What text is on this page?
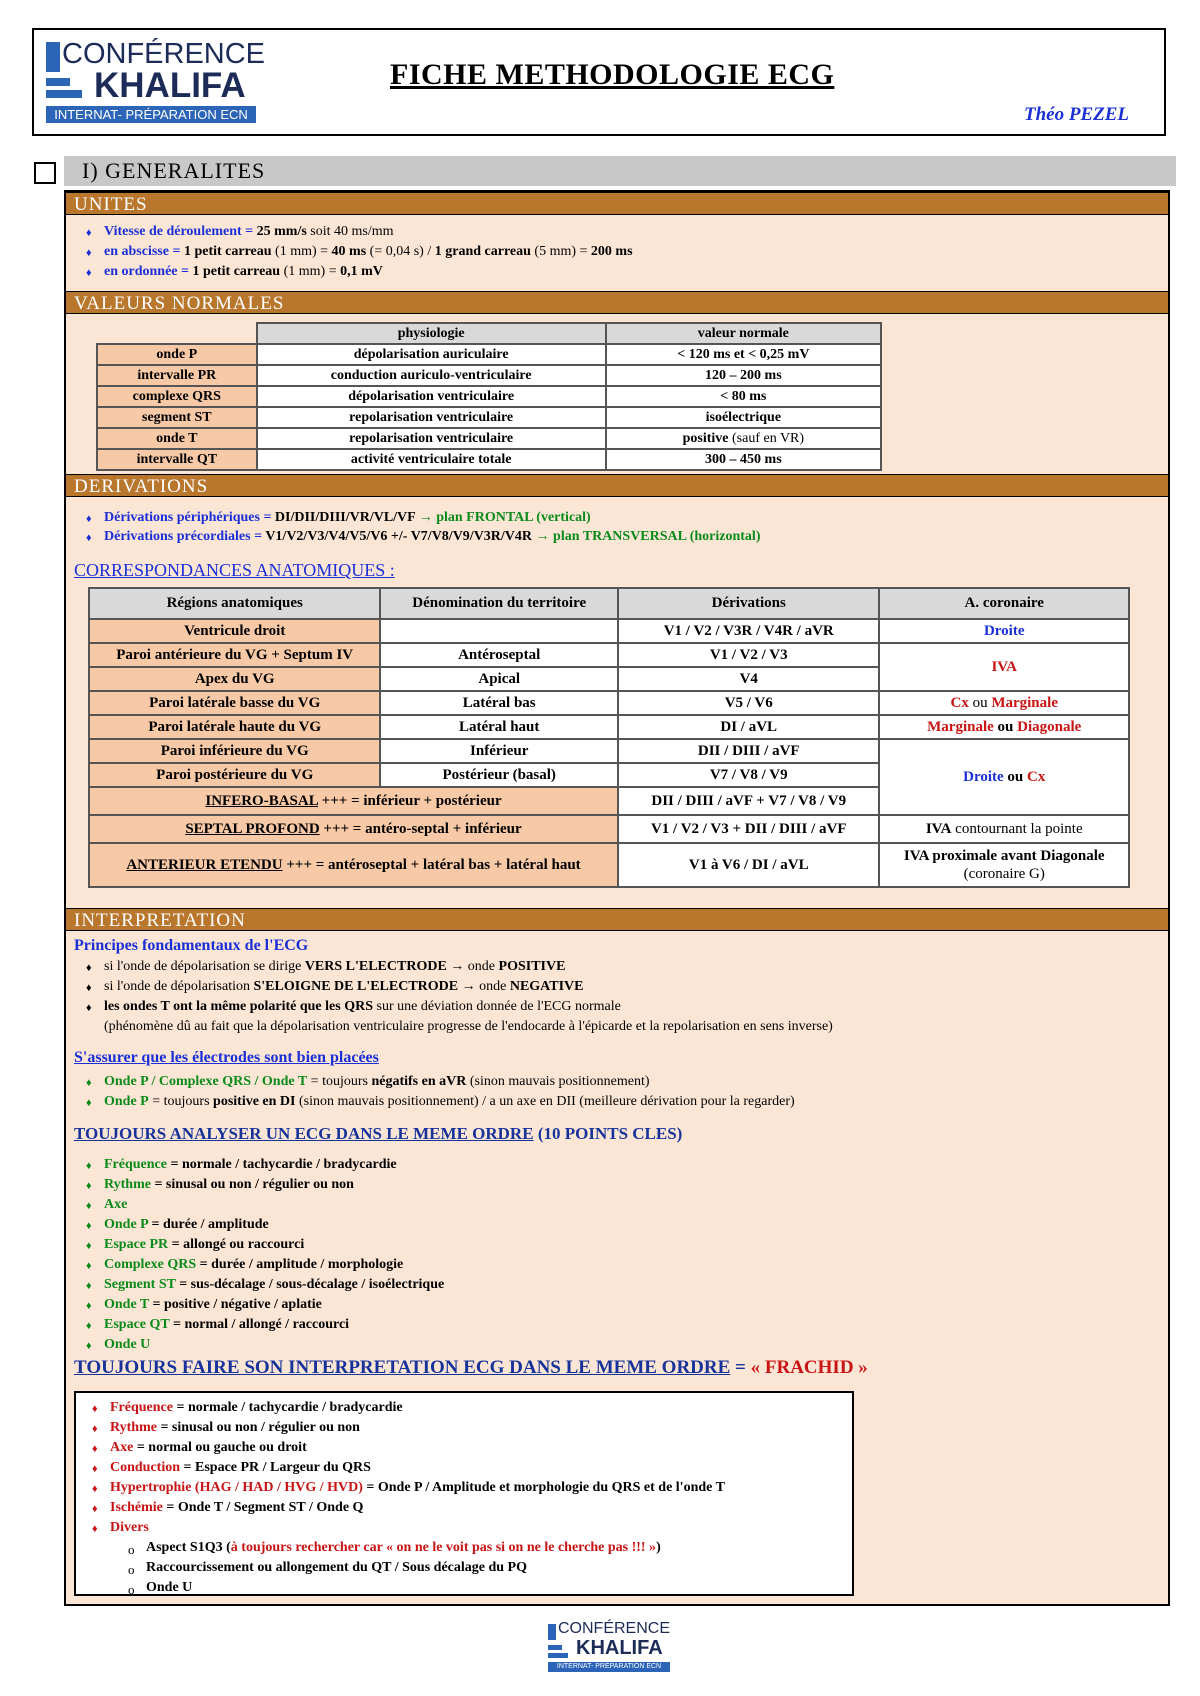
CONFÉRENCE
KHALIFA
INTERNAT- PRÉPARATION ECN
FICHE METHODOLOGIE ECG
Théo PEZEL
I) GENERALITES
UNITES
♦ Vitesse de déroulement = 25 mm/s soit 40 ms/mm
♦ en abscisse = 1 petit carreau (1 mm) = 40 ms (= 0,04 s) / 1 grand carreau (5 mm) = 200 ms
♦ en ordonnée = 1 petit carreau (1 mm) = 0,1 mV
VALEURS NORMALES
	physiologie	valeur normale
onde P	dépolarisation auriculaire	< 120 ms et < 0,25 mV
intervalle PR	conduction auriculo-ventriculaire	120 – 200 ms
complexe QRS	dépolarisation ventriculaire	< 80 ms
segment ST	repolarisation ventriculaire	isoélectrique
onde T	repolarisation ventriculaire	positive (sauf en VR)
intervalle QT	activité ventriculaire totale	300 – 450 ms
DERIVATIONS
♦ Dérivations périphériques = DI/DII/DIII/VR/VL/VF → plan FRONTAL (vertical)
♦ Dérivations précordiales = V1/V2/V3/V4/V5/V6 +/- V7/V8/V9/V3R/V4R → plan TRANSVERSAL (horizontal)
CORRESPONDANCES ANATOMIQUES :
Régions anatomiques	Dénomination du territoire	Dérivations	A. coronaire
Ventricule droit		V1 / V2 / V3R / V4R / aVR	Droite
Paroi antérieure du VG + Septum IV	Antéroseptal	V1 / V2 / V3	IVA
Apex du VG	Apical	V4	
Paroi latérale basse du VG	Latéral bas	V5 / V6	Cx ou Marginale
Paroi latérale haute du VG	Latéral haut	DI / aVL	Marginale ou Diagonale
Paroi inférieure du VG	Inférieur	DII / DIII / aVF	Droite ou Cx
Paroi postérieure du VG	Postérieur (basal)	V7 / V8 / V9	
INFERO-BASAL +++ = inférieur + postérieur		DII / DIII / aVF + V7 / V8 / V9	
SEPTAL PROFOND +++ = antéro-septal + inférieur		V1 / V2 / V3 + DII / DIII / aVF	IVA contournant la pointe
ANTERIEUR ETENDU +++ = antéroseptal + latéral bas + latéral haut		V1 à V6 / DI / aVL	IVA proximale avant Diagonale
(coronaire G)
INTERPRETATION
Principes fondamentaux de l'ECG
♦ si l'onde de dépolarisation se dirige VERS L'ELECTRODE → onde POSITIVE
♦ si l'onde de dépolarisation S'ELOIGNE DE L'ELECTRODE → onde NEGATIVE
♦ les ondes T ont la même polarité que les QRS sur une déviation donnée de l'ECG normale
(phénomène dû au fait que la dépolarisation ventriculaire progresse de l'endocarde à l'épicarde et la repolarisation en sens inverse)
S'assurer que les électrodes sont bien placées
♦ Onde P / Complexe QRS / Onde T = toujours négatifs en aVR (sinon mauvais positionnement)
♦ Onde P = toujours positive en DI (sinon mauvais positionnement) / a un axe en DII (meilleure dérivation pour la regarder)
TOUJOURS ANALYSER UN ECG DANS LE MEME ORDRE (10 POINTS CLES)
♦ Fréquence = normale / tachycardie / bradycardie
♦ Rythme = sinusal ou non / régulier ou non
♦ Axe
♦ Onde P = durée / amplitude
♦ Espace PR = allongé ou raccourci
♦ Complexe QRS = durée / amplitude / morphologie
♦ Segment ST = sus-décalage / sous-décalage / isoélectrique
♦ Onde T = positive / négative / aplatie
♦ Espace QT = normal / allongé / raccourci
♦ Onde U
TOUJOURS FAIRE SON INTERPRETATION ECG DANS LE MEME ORDRE = « FRACHID »
♦ Fréquence = normale / tachycardie / bradycardie
♦ Rythme = sinusal ou non / régulier ou non
♦ Axe = normal ou gauche ou droit
♦ Conduction = Espace PR / Largeur du QRS
♦ Hypertrophie (HAG / HAD / HVG / HVD) = Onde P / Amplitude et morphologie du QRS et de l'onde T
♦ Ischémie = Onde T / Segment ST / Onde Q
♦ Divers
o Aspect S1Q3 (à toujours rechercher car « on ne le voit pas si on ne le cherche pas !!! »)
o Raccourcissement ou allongement du QT / Sous décalage du PQ
o Onde U
CONFÉRENCE
KHALIFA
INTERNAT- PRÉPARATION ECN
